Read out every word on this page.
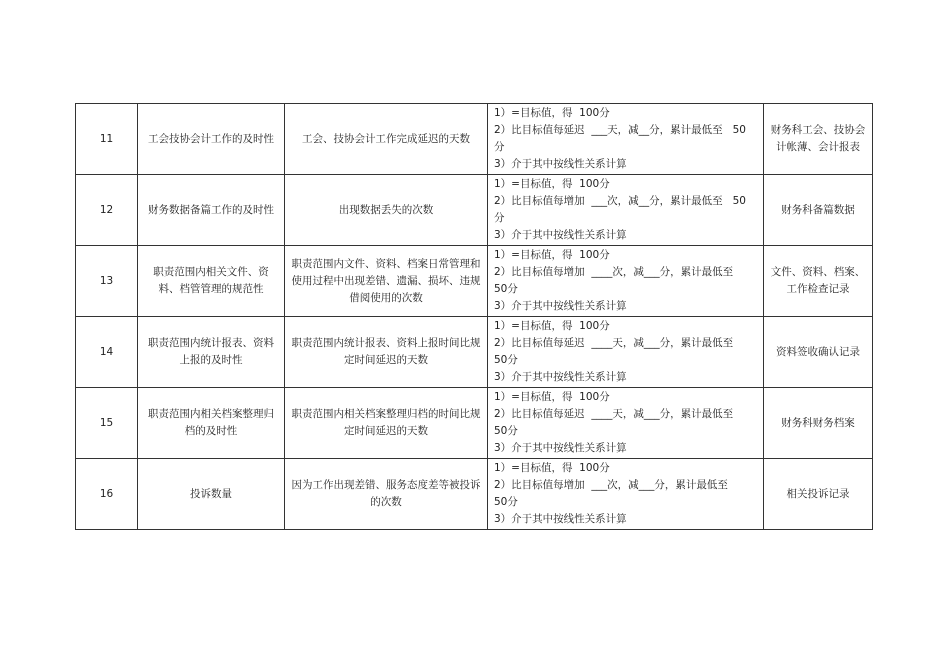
11	工会技协会计工作的及时性	工会、技协会计工作完成延迟的天数	1）=目标值，得  100分
2）比目标值每延迟  ___天，减__分，累计最低至   50
分
3）介于其中按线性关系计算	财务科工会、技协会计帐薄、会计报表
12	财务数据备篇工作的及时性	出现数据丢失的次数	1）=目标值，得  100分
2）比目标值每增加  ___次，减__分，累计最低至   50
分
3）介于其中按线性关系计算	财务科备篇数据
13	职责范围内相关文件、资料、档管管理的规范性	职责范围内文件、资料、档案日常管理和使用过程中出现差错、遗漏、损坏、违规借阅使用的次数	1）=目标值，得  100分
2）比目标值每增加  ____次，减___分，累计最低至
50分
3）介于其中按线性关系计算	文件、资料、档案、工作检查记录
14	职责范围内统计报表、资料上报的及时性	职责范围内统计报表、资料上报时间比规定时间延迟的天数	1）=目标值，得  100分
2）比目标值每延迟  ____天，减___分，累计最低至
50分
3）介于其中按线性关系计算	资料签收确认记录
15	职责范围内相关档案整理归档的及时性	职责范围内相关档案整理归档的时间比规定时间延迟的天数	1）=目标值，得  100分
2）比目标值每延迟  ____天，减___分，累计最低至
50分
3）介于其中按线性关系计算	财务科财务档案
16	投诉数量	因为工作出现差错、服务态度差等被投诉的次数	1）=目标值，得  100分
2）比目标值每增加  ___次，减___分，累计最低至
50分
3）介于其中按线性关系计算	相关投诉记录
